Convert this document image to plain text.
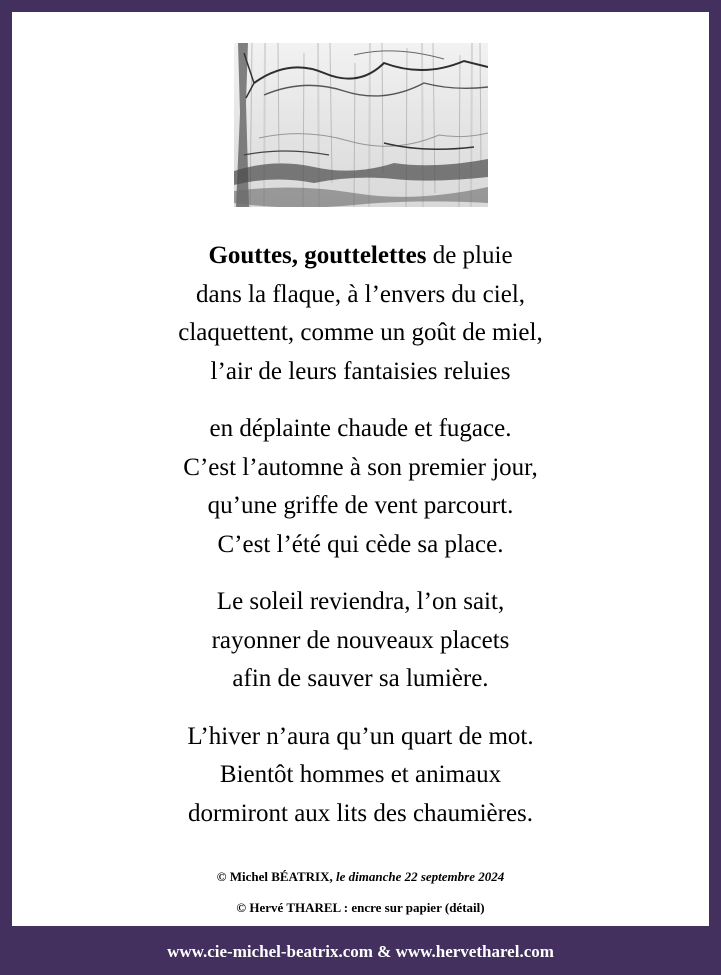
Gouttes, gouttelettes de pluie
dans la flaque, à l’envers du ciel,
claquettent, comme un goût de miel,
l’air de leurs fantaisies reluies

en déplainte chaude et fugace.
C’est l’automne à son premier jour,
qu’une griffe de vent parcourt.
C’est l’été qui cède sa place.

Le soleil reviendra, l’on sait,
rayonner de nouveaux placets
afin de sauver sa lumière.

L’hiver n’aura qu’un quart de mot.
Bientôt hommes et animaux
dormiront aux lits des chaumières.

© Michel BÉATRIX, le dimanche 22 septembre 2024
© Hervé THAREL : encre sur papier (détail)
www.cie-michel-beatrix.com & www.hervetharel.com
